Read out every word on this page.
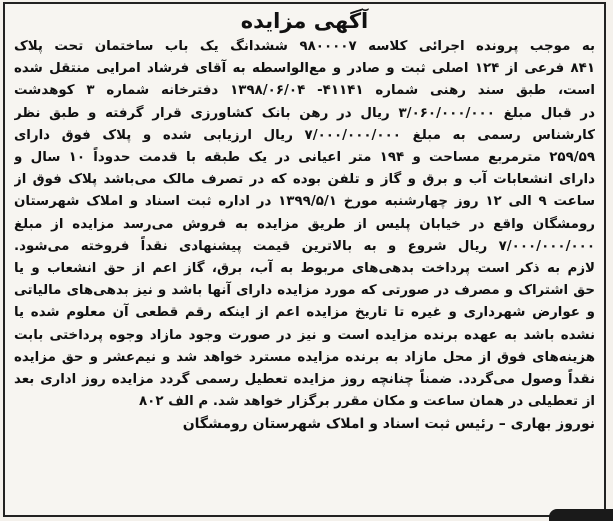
آگهی مزایده
به موجب پرونده اجرائی کلاسه ۹۸۰۰۰۰۷ ششدانگ یک باب ساختمان تحت پلاک
۸۴۱ فرعی از ۱۲۴ اصلی ثبت و صادر و مع‌الواسطه به آقای فرشاد امرایی منتقل شده
است، طبق سند رهنی شماره ۴۱۱۴۱- ۱۳۹۸/۰۶/۰۴ دفترخانه شماره ۳ کوهدشت
در قبال مبلغ ۳/۰۶۰/۰۰۰/۰۰۰ ریال در رهن بانک کشاورزی قرار گرفته و طبق نظر
کارشناس رسمی به مبلغ ۷/۰۰۰/۰۰۰/۰۰۰ ریال ارزیابی شده و پلاک فوق دارای
۲۵۹/۵۹ مترمربع مساحت و ۱۹۴ متر اعیانی در یک طبقه با قدمت حدوداً ۱۰ سال و
دارای انشعابات آب و برق و گاز و تلفن بوده که در تصرف مالک می‌باشد پلاک فوق از
ساعت ۹ الی ۱۲ روز چهارشنبه مورخ ۱۳۹۹/۵/۱ در اداره ثبت اسناد و املاک شهرستان
رومشگان واقع در خیابان پلیس از طریق مزایده به فروش می‌رسد مزایده از مبلغ
۷/۰۰۰/۰۰۰/۰۰۰ ریال شروع و به بالاترین قیمت پیشنهادی نقداً فروخته می‌شود.
لازم به ذکر است پرداخت بدهی‌های مربوط به آب، برق، گاز اعم از حق انشعاب و یا
حق اشتراک و مصرف در صورتی که مورد مزایده دارای آنها باشد و نیز بدهی‌های مالیاتی
و عوارض شهرداری و غیره تا تاریخ مزایده اعم از اینکه رقم قطعی آن معلوم شده یا
نشده باشد به عهده برنده مزایده است و نیز در صورت وجود مازاد وجوه پرداختی بابت
هزینه‌های فوق از محل مازاد به برنده مزایده مسترد خواهد شد و نیم‌عشر و حق مزایده
نقداً وصول می‌گردد. ضمناً چنانچه روز مزایده تعطیل رسمی گردد مزایده روز اداری بعد
از تعطیلی در همان ساعت و مکان مقرر برگزار خواهد شد. م الف ۸۰۲
نوروز بهاری – رئیس ثبت اسناد و املاک شهرستان رومشگان
